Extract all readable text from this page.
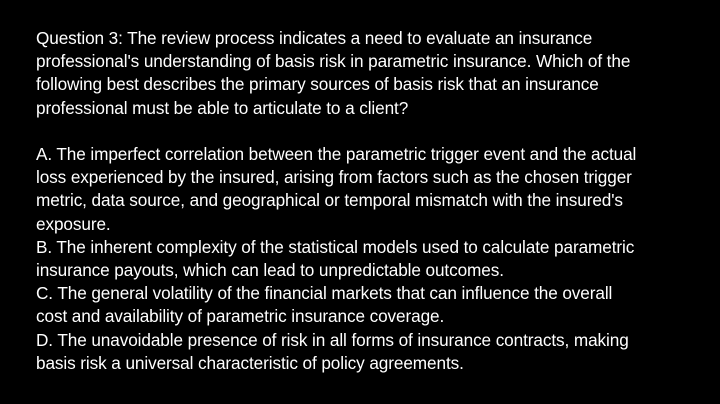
Question 3: The review process indicates a need to evaluate an insurance
professional's understanding of basis risk in parametric insurance. Which of the
following best describes the primary sources of basis risk that an insurance
professional must be able to articulate to a client?
A. The imperfect correlation between the parametric trigger event and the actual
loss experienced by the insured, arising from factors such as the chosen trigger
metric, data source, and geographical or temporal mismatch with the insured's
exposure.
B. The inherent complexity of the statistical models used to calculate parametric
insurance payouts, which can lead to unpredictable outcomes.
C. The general volatility of the financial markets that can influence the overall
cost and availability of parametric insurance coverage.
D. The unavoidable presence of risk in all forms of insurance contracts, making
basis risk a universal characteristic of policy agreements.
